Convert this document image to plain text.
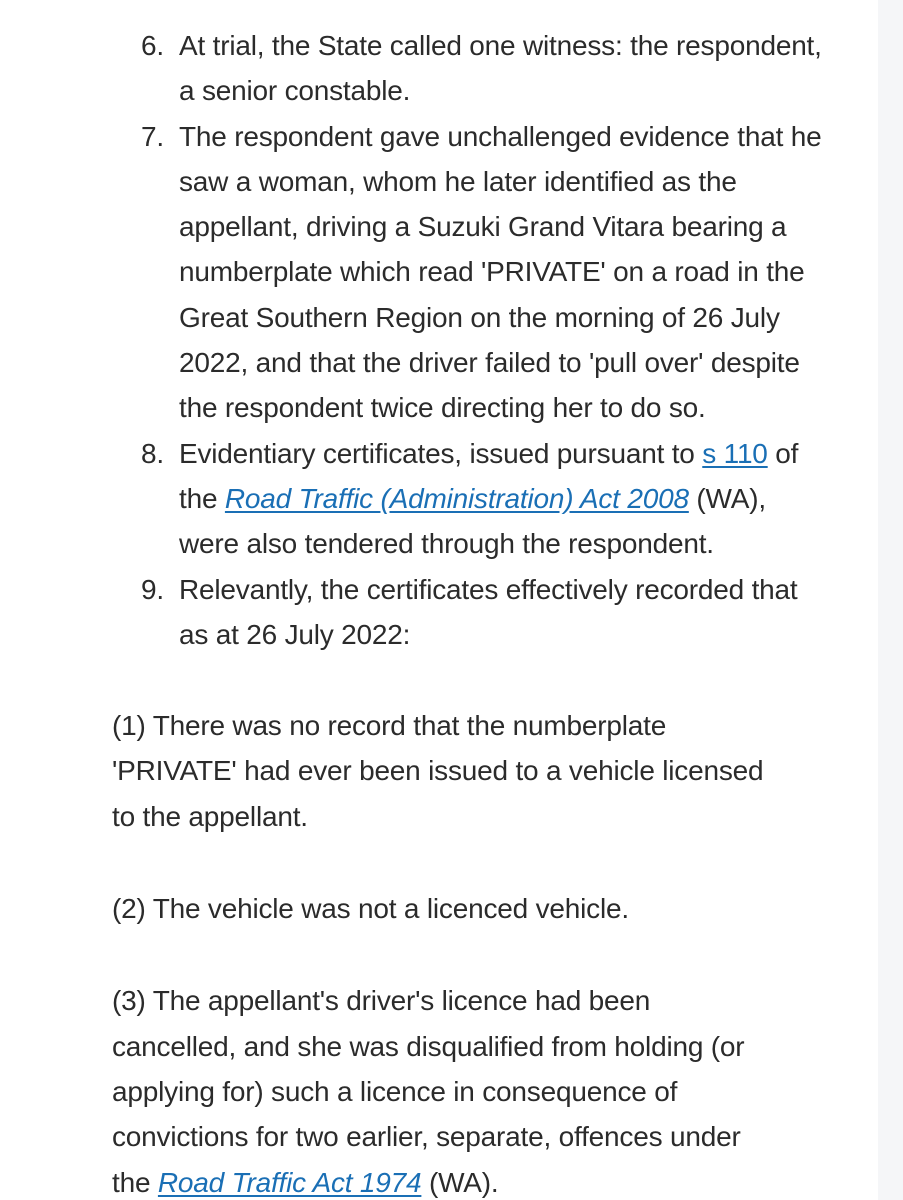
6. At trial, the State called one witness: the respondent, a senior constable.
7. The respondent gave unchallenged evidence that he saw a woman, whom he later identified as the appellant, driving a Suzuki Grand Vitara bearing a numberplate which read 'PRIVATE' on a road in the Great Southern Region on the morning of 26 July 2022, and that the driver failed to 'pull over' despite the respondent twice directing her to do so.
8. Evidentiary certificates, issued pursuant to s 110 of the Road Traffic (Administration) Act 2008 (WA), were also tendered through the respondent.
9. Relevantly, the certificates effectively recorded that as at 26 July 2022:

(1) There was no record that the numberplate 'PRIVATE' had ever been issued to a vehicle licensed to the appellant.

(2) The vehicle was not a licenced vehicle.

(3) The appellant's driver's licence had been cancelled, and she was disqualified from holding (or applying for) such a licence in consequence of convictions for two earlier, separate, offences under the Road Traffic Act 1974 (WA).
